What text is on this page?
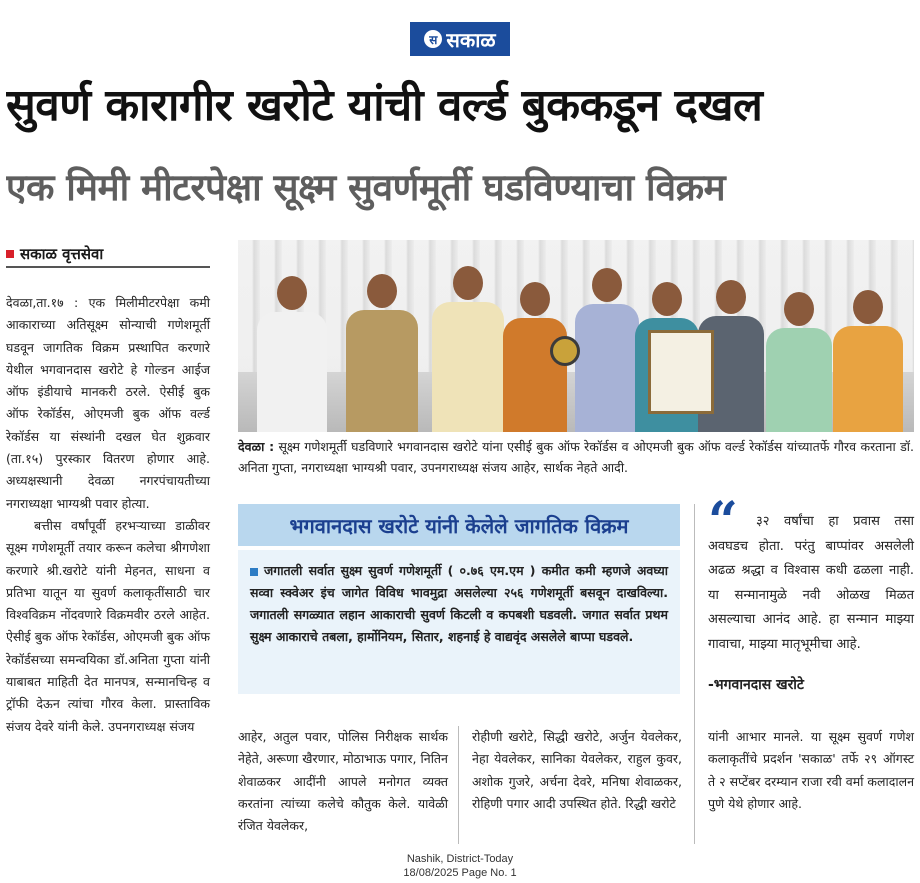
स सकाळ
सुवर्ण कारागीर खरोटे यांची वर्ल्ड बुककडून दखल
एक मिमी मीटरपेक्षा सूक्ष्म सुवर्णमूर्ती घडविण्याचा विक्रम
सकाळ वृत्तसेवा

देवळा,ता.१७ : एक मिलीमीटरपेक्षा कमी आकाराच्या अतिसूक्ष्म सोन्याची गणेशमूर्ती घडवून जागतिक विक्रम प्रस्थापित करणारे येथील भगवानदास खरोटे हे गोल्डन आईज ऑफ इंडीयाचे मानकरी ठरले. ऐसीई बुक ऑफ रेकॉर्डस, ओएमजी बुक ऑफ वर्ल्ड रेकॉर्डस या संस्थांनी दखल घेत शुक्रवार (ता.१५) पुरस्कार वितरण होणार आहे. अध्यक्षस्थानी देवळा नगरपंचायतीच्या नगराध्यक्षा भाग्यश्री पवार होत्या.

बत्तीस वर्षांपूर्वी हरभऱ्याच्या डाळीवर सूक्ष्म गणेशमूर्ती तयार करून कलेचा श्रीगणेशा करणारे श्री.खरोटे यांनी मेहनत, साधना व प्रतिभा यातून या सुवर्ण कलाकृतींसाठी चार विश्वविक्रम नोंदवणारे विक्रमवीर ठरले आहेत. ऐसीई बुक ऑफ रेकॉर्डस, ओएमजी बुक ऑफ रेकॉर्डसच्या समन्वयिका डॉ.अनिता गुप्ता यांनी याबाबत माहिती देत मानपत्र, सन्मानचिन्ह व ट्रॉफी देऊन त्यांचा गौरव केला. प्रास्ताविक संजय देवरे यांनी केले. उपनगराध्यक्ष संजय

देवळा : सूक्ष्म गणेशमूर्ती घडविणारे भगवानदास खरोटे यांना एसीई बुक ऑफ रेकॉर्डस व ओएमजी बुक ऑफ वर्ल्ड रेकॉर्डस यांच्यातर्फे गौरव करताना डॉ. अनिता गुप्ता, नगराध्यक्षा भाग्यश्री पवार, उपनगराध्यक्ष संजय आहेर, सार्थक नेहते आदी.

भगवानदास खरोटे यांनी केलेले जागतिक विक्रम
जगातली सर्वात सुक्ष्म सुवर्ण गणेशमूर्ती ( ०.७६ एम.एम ) कमीत कमी म्हणजे अवघ्या सव्वा स्क्वेअर इंच जागेत विविध भावमुद्रा असलेल्या २५६ गणेशमूर्ती बसवून दाखविल्या. जगातली सगळ्यात लहान आकाराची सुवर्ण किटली व कपबशी घडवली. जगात सर्वात प्रथम सुक्ष्म आकाराचे तबला, हार्मोनियम, सितार, शहनाई हे वाद्यवृंद असलेले बाप्पा घडवले.
“	३२ वर्षांचा हा प्रवास तसा अवघडच होता. परंतु बाप्पांवर असलेली अढळ श्रद्धा व विश्वास कधी ढळला नाही. या सन्मानामुळे नवी ओळख मिळत असल्याचा आनंद आहे. हा सन्मान माझ्या गावाचा, माझ्या मातृभूमीचा आहे.

-भगवानदास खरोटे

आहेर, अतुल पवार, पोलिस निरीक्षक सार्थक नेहेते, अरूणा खैरणार, मोठाभाऊ पगार, नितिन शेवाळकर आदींनी आपले मनोगत व्यक्त करतांना त्यांच्या कलेचे कौतुक केले. यावेळी रंजित येवलेकर,

रोहीणी खरोटे, सिद्धी खरोटे, अर्जुन येवलेकर, नेहा येवलेकर, सानिका येवलेकर, राहुल कुवर, अशोक गुजरे, अर्चना देवरे, मनिषा शेवाळकर, रोहिणी पगार आदी उपस्थित होते. रिद्धी खरोटे

यांनी आभार मानले. या सूक्ष्म सुवर्ण गणेश कलाकृतींचे प्रदर्शन 'सकाळ' तर्फे २९ ऑगस्ट ते २ सप्टेंबर दरम्यान राजा रवी वर्मा कलादालन पुणे येथे होणार आहे.

Nashik, District-Today
18/08/2025 Page No. 1
